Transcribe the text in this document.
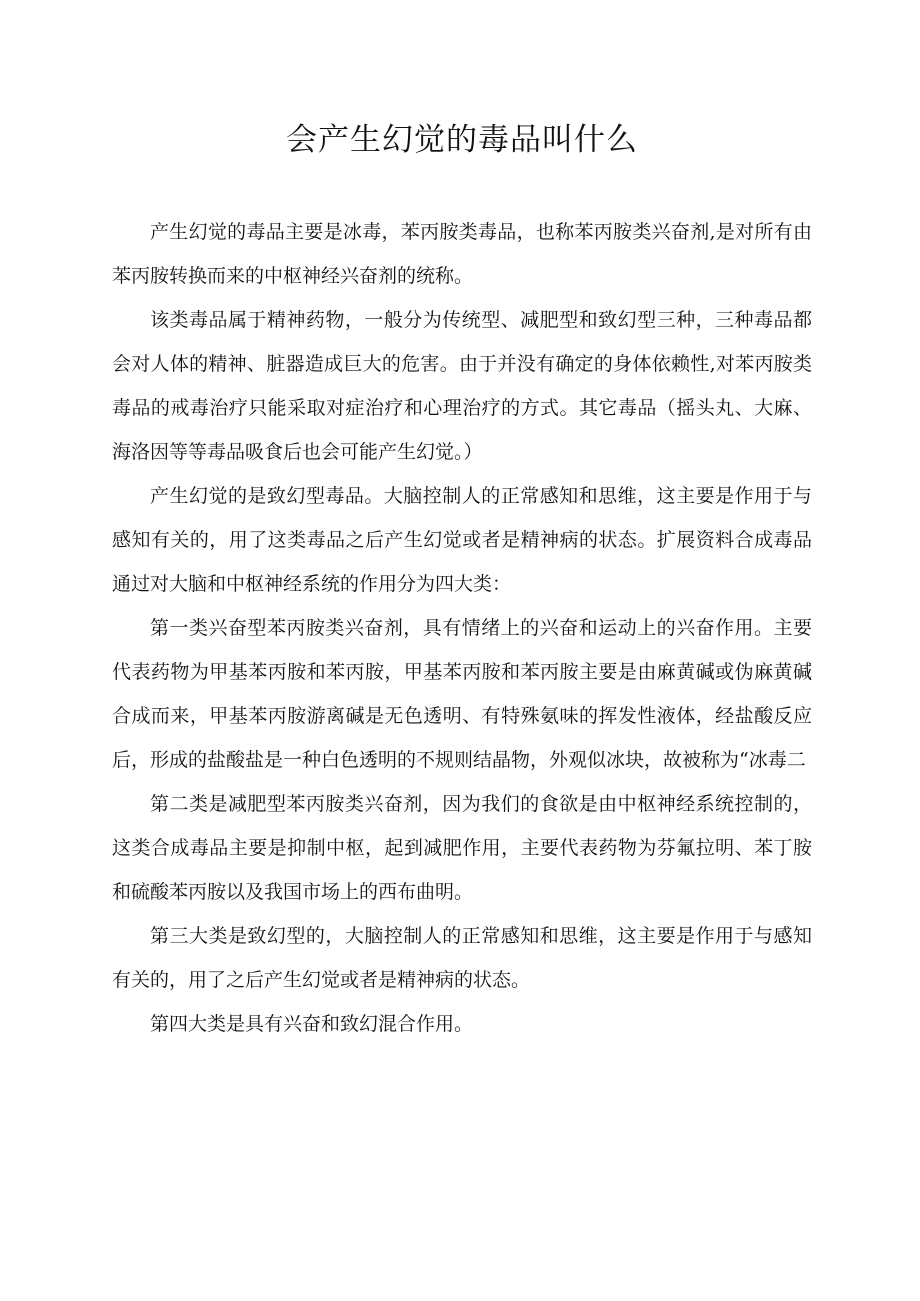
会产生幻觉的毒品叫什么

产生幻觉的毒品主要是冰毒，苯丙胺类毒品，也称苯丙胺类兴奋剂,是对所有由苯丙胺转换而来的中枢神经兴奋剂的统称。

该类毒品属于精神药物，一般分为传统型、减肥型和致幻型三种，三种毒品都会对人体的精神、脏器造成巨大的危害。由于并没有确定的身体依赖性,对苯丙胺类毒品的戒毒治疗只能采取对症治疗和心理治疗的方式。其它毒品（摇头丸、大麻、海洛因等等毒品吸食后也会可能产生幻觉。）

产生幻觉的是致幻型毒品。大脑控制人的正常感知和思维，这主要是作用于与感知有关的，用了这类毒品之后产生幻觉或者是精神病的状态。扩展资料合成毒品通过对大脑和中枢神经系统的作用分为四大类：

第一类兴奋型苯丙胺类兴奋剂，具有情绪上的兴奋和运动上的兴奋作用。主要代表药物为甲基苯丙胺和苯丙胺，甲基苯丙胺和苯丙胺主要是由麻黄碱或伪麻黄碱合成而来，甲基苯丙胺游离碱是无色透明、有特殊氨味的挥发性液体，经盐酸反应后，形成的盐酸盐是一种白色透明的不规则结晶物，外观似冰块，故被称为“冰毒二

第二类是减肥型苯丙胺类兴奋剂，因为我们的食欲是由中枢神经系统控制的，这类合成毒品主要是抑制中枢，起到减肥作用，主要代表药物为芬氟拉明、苯丁胺和硫酸苯丙胺以及我国市场上的西布曲明。

第三大类是致幻型的，大脑控制人的正常感知和思维，这主要是作用于与感知有关的，用了之后产生幻觉或者是精神病的状态。

第四大类是具有兴奋和致幻混合作用。
